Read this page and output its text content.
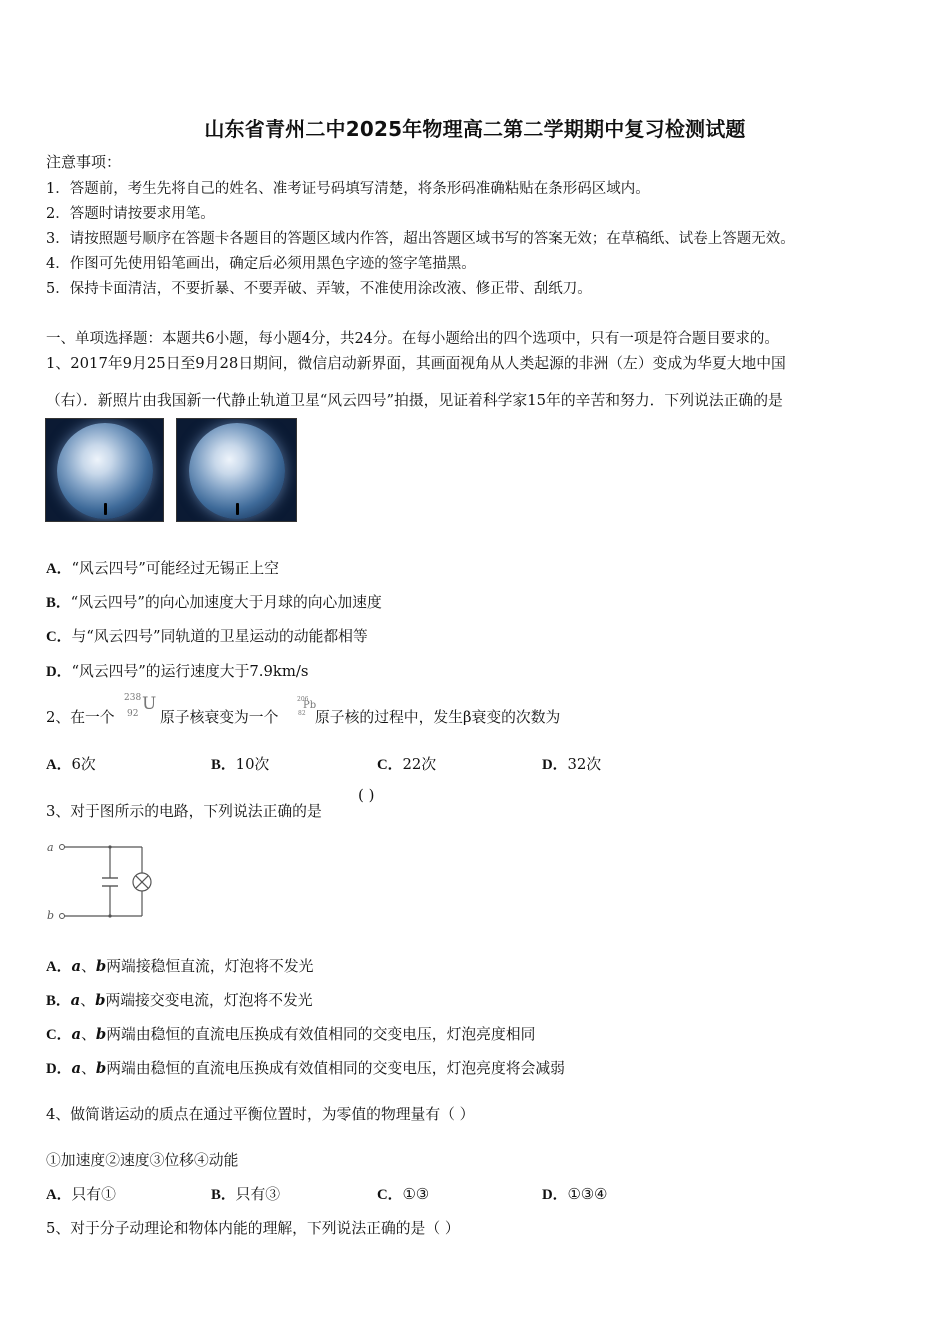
山东省青州二中2025年物理高二第二学期期中复习检测试题
注意事项：
1．答题前，考生先将自己的姓名、准考证号码填写清楚，将条形码准确粘贴在条形码区域内。
2．答题时请按要求用笔。
3．请按照题号顺序在答题卡各题目的答题区域内作答，超出答题区域书写的答案无效；在草稿纸、试卷上答题无效。
4．作图可先使用铅笔画出，确定后必须用黑色字迹的签字笔描黑。
5．保持卡面清洁，不要折暴、不要弄破、弄皱，不准使用涂改液、修正带、刮纸刀。
一、单项选择题：本题共6小题，每小题4分，共24分。在每小题给出的四个选项中，只有一项是符合题目要求的。
1、2017年9月25日至9月28日期间，微信启动新界面，其画面视角从人类起源的非洲（左）变成为华夏大地中国
（右）．新照片由我国新一代静止轨道卫星“风云四号”拍摄，见证着科学家15年的辛苦和努力．下列说法正确的是
A．“风云四号”可能经过无锡正上空
B．“风云四号”的向心加速度大于月球的向心加速度
C．与“风云四号”同轨道的卫星运动的动能都相等
D．“风云四号”的运行速度大于7.9km/s
2、在一个
238
92 U
原子核衰变为一个
206
82
Pb
原子核的过程中，发生β衰变的次数为
A．6次	B．10次	C．22次	D．32次
3、对于图所示的电路，下列说法正确的是
( )
a
b
A．a、b两端接稳恒直流，灯泡将不发光
B．a、b两端接交变电流，灯泡将不发光
C．a、b两端由稳恒的直流电压换成有效值相同的交变电压，灯泡亮度相同
D．a、b两端由稳恒的直流电压换成有效值相同的交变电压，灯泡亮度将会减弱
4、做简谐运动的质点在通过平衡位置时，为零值的物理量有（ ）
①加速度②速度③位移④动能
A．只有①	B．只有③	C．①③	D．①③④
5、对于分子动理论和物体内能的理解，下列说法正确的是（ ）
